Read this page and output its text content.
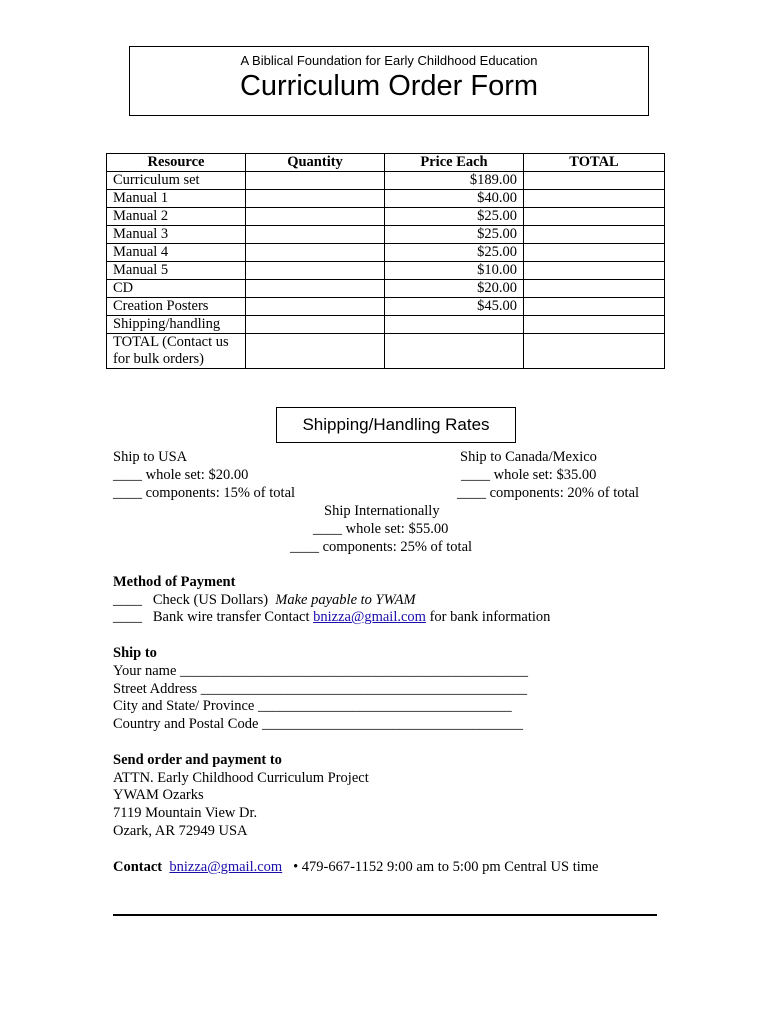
A Biblical Foundation for Early Childhood Education
Curriculum Order Form
Resource	Quantity	Price Each	TOTAL
Curriculum set		$189.00	
Manual 1		$40.00	
Manual 2		$25.00	
Manual 3		$25.00	
Manual 4		$25.00	
Manual 5		$10.00	
CD		$20.00	
Creation Posters		$45.00	
Shipping/handling			

TOTAL (Contact us
for bulk orders)			

Shipping/Handling Rates
Ship to USA
____ whole set: $20.00
____ components: 15% of total
Ship to Canada/Mexico
____ whole set: $35.00
____ components: 20% of total
Ship Internationally
____ whole set: $55.00
____ components: 25% of total
Method of Payment
____ Check (US Dollars) Make payable to YWAM
____ Bank wire transfer Contact bnizza@gmail.com for bank information
Ship to
Your name ________________________________________________
Street Address _____________________________________________
City and State/ Province ___________________________________
Country and Postal Code ____________________________________
Send order and payment to
ATTN. Early Childhood Curriculum Project
YWAM Ozarks
7119 Mountain View Dr.
Ozark, AR 72949 USA
Contact bnizza@gmail.com • 479-667-1152 9:00 am to 5:00 pm Central US time
